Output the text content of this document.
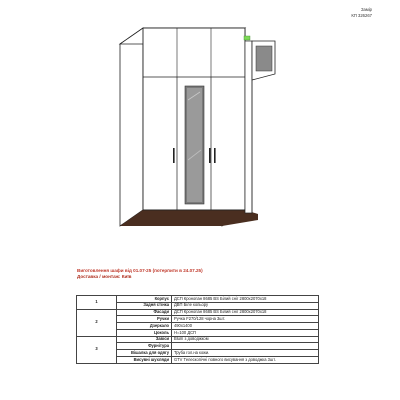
Замір
КП 326267
Виготовлення шафи від 01.07-25 (потерпити в 24.07.25)
Доставка / монтаж: Київ
1	Корпус	ДСП Кронопан 8685 BS Білий сніг 2800х2070х18
	Задня стінка	ДВП Біле кольору
2	Фасади	ДСП Кронопан 8685 BS Білий сніг 2800х2070х18
	Ручки	Ручка F270/128 чорна 3шт.
	Дзеркало	490х1400
	Цоколь	H=100 ДСП
3	Завіси	Blum з доводжком
	Фурнітура	
	Вішалка для одягу	Труба гол.на кожи.
	Висувні шухляди	GTV Телескопічні повного висування з доводжка 3шт.
